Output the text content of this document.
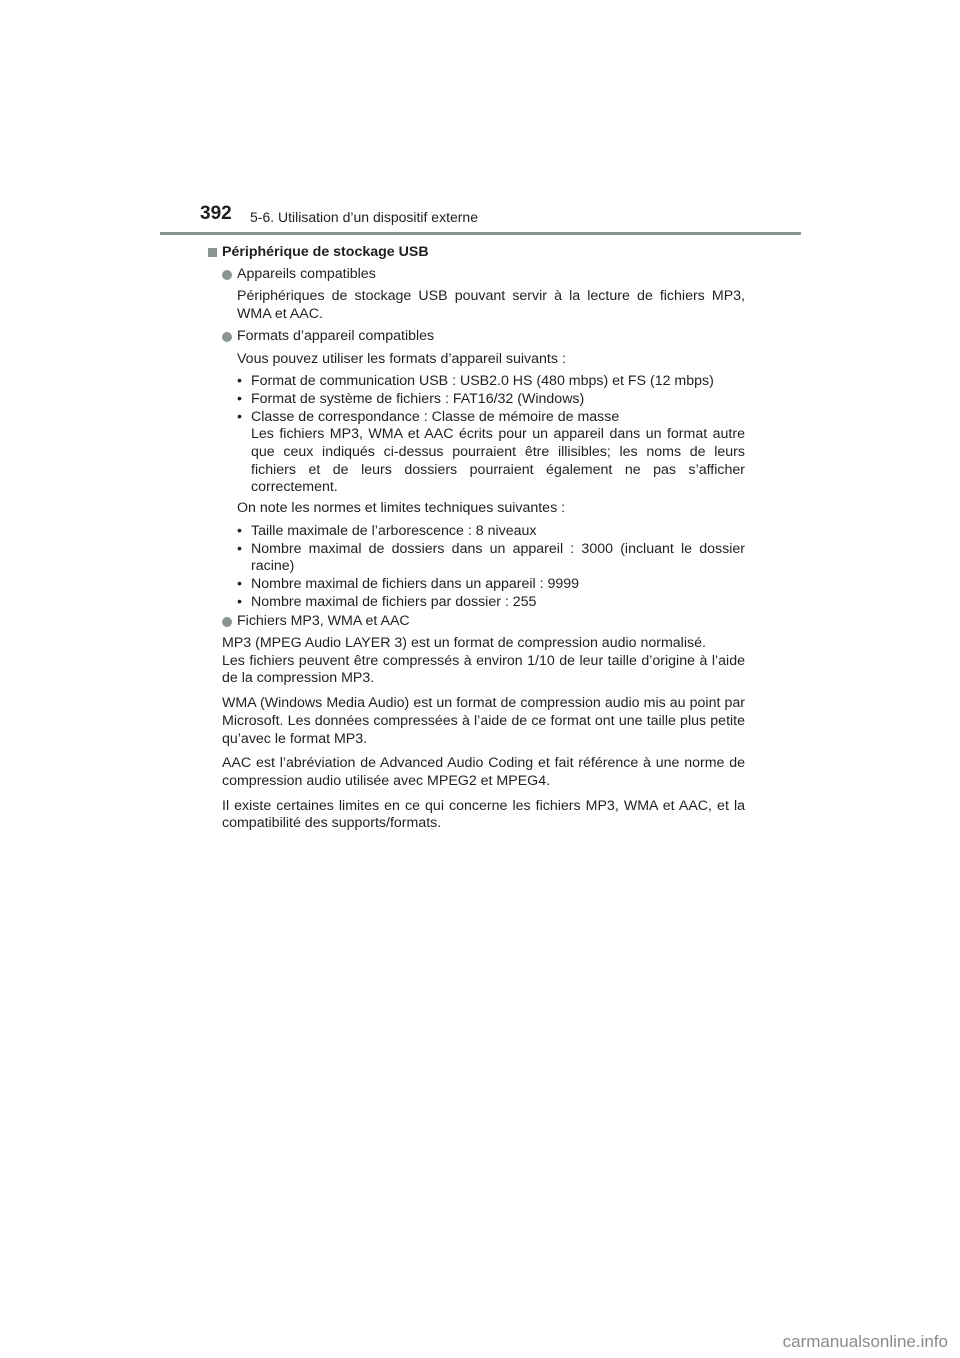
392 5-6. Utilisation d’un dispositif externe
Périphérique de stockage USB
Appareils compatibles
Périphériques de stockage USB pouvant servir à la lecture de fichiers MP3, WMA et AAC.
Formats d’appareil compatibles
Vous pouvez utiliser les formats d’appareil suivants :
• Format de communication USB : USB2.0 HS (480 mbps) et FS (12 mbps)
• Format de système de fichiers : FAT16/32 (Windows)
• Classe de correspondance : Classe de mémoire de masse
Les fichiers MP3, WMA et AAC écrits pour un appareil dans un format autre que ceux indiqués ci-dessus pourraient être illisibles; les noms de leurs fichiers et de leurs dossiers pourraient également ne pas s’afficher correctement.
On note les normes et limites techniques suivantes :
• Taille maximale de l’arborescence : 8 niveaux
• Nombre maximal de dossiers dans un appareil : 3000 (incluant le dossier racine)
• Nombre maximal de fichiers dans un appareil : 9999
• Nombre maximal de fichiers par dossier : 255
Fichiers MP3, WMA et AAC
MP3 (MPEG Audio LAYER 3) est un format de compression audio normalisé.
Les fichiers peuvent être compressés à environ 1/10 de leur taille d’origine à l’aide de la compression MP3.
WMA (Windows Media Audio) est un format de compression audio mis au point par Microsoft. Les données compressées à l’aide de ce format ont une taille plus petite qu’avec le format MP3.
AAC est l’abréviation de Advanced Audio Coding et fait référence à une norme de compression audio utilisée avec MPEG2 et MPEG4.
Il existe certaines limites en ce qui concerne les fichiers MP3, WMA et AAC, et la compatibilité des supports/formats.
carmanualsonline.info
